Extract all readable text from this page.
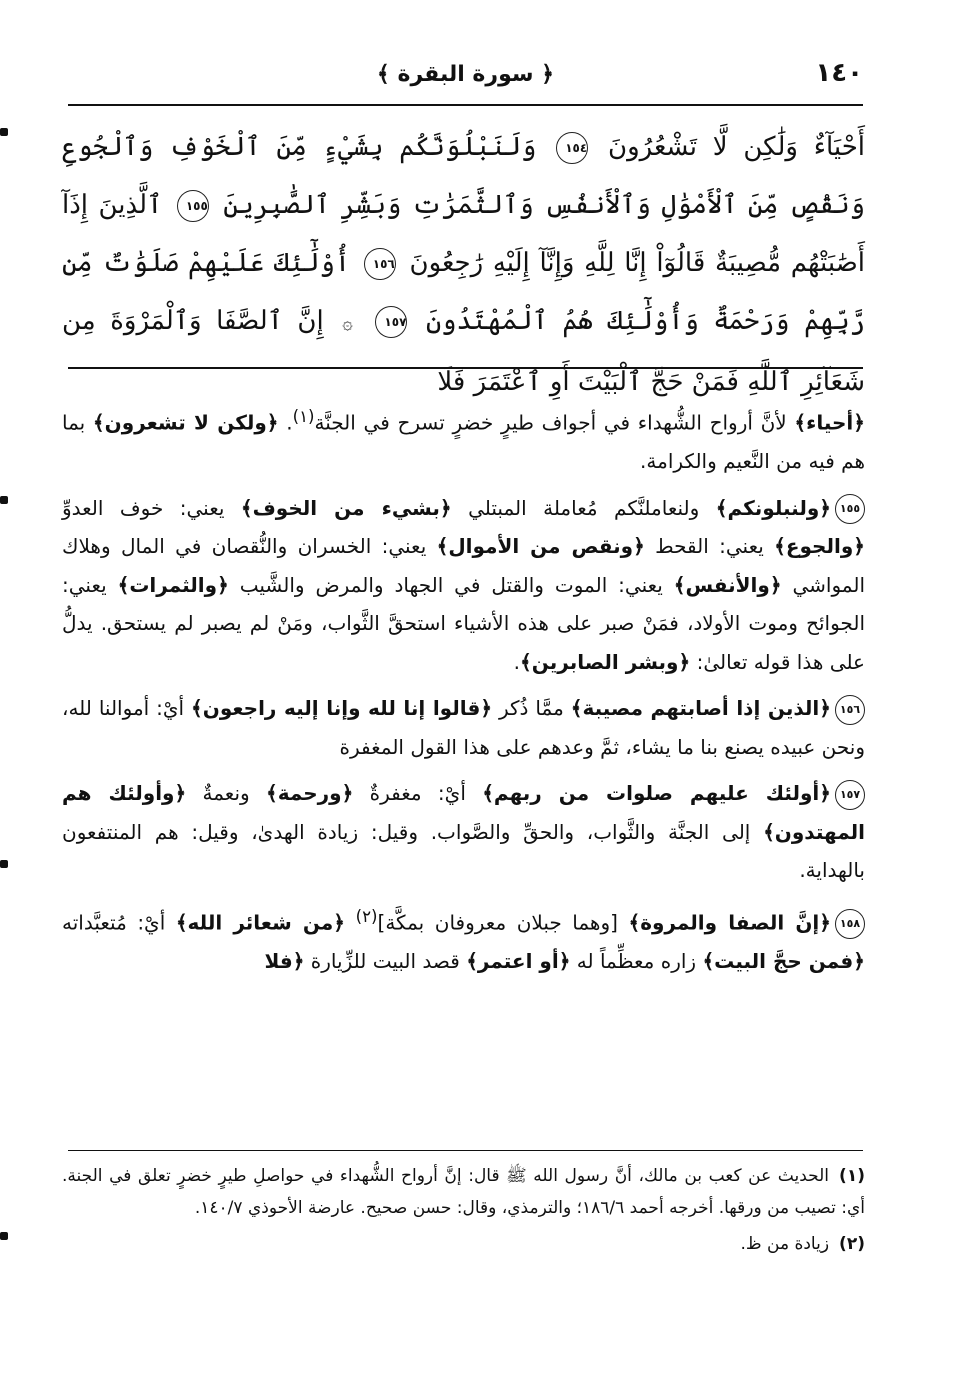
١٤٠
﴿ سورة البقرة ﴾
أَحْيَآءٌ وَلَٰكِن لَّا تَشْعُرُونَ ١٥٤ وَلَنَبْلُوَنَّكُم بِشَيْءٍ مِّنَ ٱلْخَوْفِ وَٱلْجُوعِ وَنَقْصٍ مِّنَ ٱلْأَمْوَٰلِ وَٱلْأَنفُسِ وَٱلثَّمَرَٰتِ وَبَشِّرِ ٱلصَّٰبِرِينَ ١٥٥ ٱلَّذِينَ إِذَآ أَصَٰبَتْهُم مُّصِيبَةٌ قَالُوٓاْ إِنَّا لِلَّهِ وَإِنَّآ إِلَيْهِ رَٰجِعُونَ ١٥٦ أُوْلَٰٓئِكَ عَلَيْهِمْ صَلَوَٰتٌ مِّن رَّبِّهِمْ وَرَحْمَةٌ وَأُوْلَٰٓئِكَ هُمُ ٱلْمُهْتَدُونَ ١٥٧ ۞ إِنَّ ٱلصَّفَا وَٱلْمَرْوَةَ مِن شَعَآئِرِ ٱللَّهِ فَمَنْ حَجَّ ٱلْبَيْتَ أَوِ ٱعْتَمَرَ فَلَا

﴿أحياء﴾ لأنَّ أرواح الشُّهداء في أجواف طيرٍ خضرٍ تسرح في الجنَّة$^{(١)}$. ﴿ولكن لا تشعرون﴾ بما هم فيه من النَّعيم والكرامة.

١٥٥﴿ولنبلونكم﴾ ولنعاملنَّكم مُعاملة المبتلي ﴿بشيء من الخوف﴾ يعني: خوف العدوِّ ﴿والجوع﴾ يعني: القحط ﴿ونقص من الأموال﴾ يعني: الخسران والنُّقصان في المال وهلاك المواشي ﴿والأنفس﴾ يعني: الموت والقتل في الجهاد والمرض والشَّيب ﴿والثمرات﴾ يعني: الجوائح وموت الأولاد، فمَنْ صبر على هذه الأشياء استحقَّ الثَّواب، ومَنْ لم يصبر لم يستحق. يدلُّ على هذا قوله تعالىٰ: ﴿وبشر الصابرين﴾.

١٥٦﴿الذين إذا أصابتهم مصيبة﴾ ممَّا ذُكر ﴿قالوا إنا لله وإنا إليه راجعون﴾ أيْ: أموالنا لله، ونحن عبيده يصنع بنا ما يشاء، ثمَّ وعدهم على هذا القول المغفرة

١٥٧﴿أولئك عليهم صلوات من ربهم﴾ أيْ: مغفرةٌ ﴿ورحمة﴾ ونعمةٌ ﴿وأولئك هم المهتدون﴾ إلى الجنَّة والثَّواب، والحقِّ والصَّواب. وقيل: زيادة الهدىٰ، وقيل: هم المنتفعون بالهداية.

١٥٨﴿إنَّ الصفا والمروة﴾ [وهما جبلان معروفان بمكَّة]$^{(٢)}$ ﴿من شعائر الله﴾ أيْ: مُتعبَّداته ﴿فمن حجَّ البيت﴾ زاره معظِّماً له ﴿أو اعتمر﴾ قصد البيت للزِّيارة ﴿فلا

(١)الحديث عن كعب بن مالك، أنَّ رسول الله ﷺ قال: إنَّ أرواح الشُّهداء في حواصلِ طيرٍ خضرٍ تعلق في الجنة. أي: تصيب من ورقها. أخرجه أحمد ١٨٦/٦؛ والترمذي، وقال: حسن صحيح. عارضة الأحوذي ١٤٠/٧.

(٢)زيادة من ظ.
